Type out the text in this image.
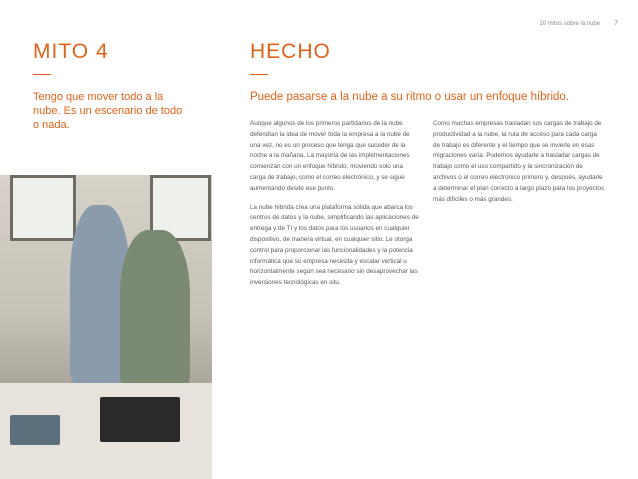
10 mitos sobre la nube 7
MITO 4
Tengo que mover todo a la nube. Es un escenario de todo o nada.
HECHO
Puede pasarse a la nube a su ritmo o usar un enfoque híbrido.

Aunque algunos de los primeros partidarios de la nube defendían la idea de mover toda la empresa a la nube de una vez, no es un proceso que tenga que suceder de la noche a la mañana. La mayoría de las implementaciones comienzan con un enfoque híbrido, moviendo solo una carga de trabajo, como el correo electrónico, y se sigue aumentando desde ese punto.

La nube híbrida crea una plataforma sólida que abarca los centros de datos y la nube, simplificando las aplicaciones de entrega y de TI y los datos para los usuarios en cualquier dispositivo, de manera virtual, en cualquier sitio. Le otorga control para proporcionar las funcionalidades y la potencia informática que su empresa necesita y escalar vertical u horizontalmente según sea necesario sin desaprovechar las inversiones tecnológicas en situ.

Como muchas empresas trasladan sus cargas de trabajo de productividad a la nube, la ruta de acceso para cada carga de trabajo es diferente y el tiempo que se invierte en esas migraciones varía. Podemos ayudarle a trasladar cargas de trabajo como el uso compartido y la sincronización de archivos o el correo electrónico primero y, después, ayudarle a determinar el plan correcto a largo plazo para los proyectos más difíciles o más grandes.
